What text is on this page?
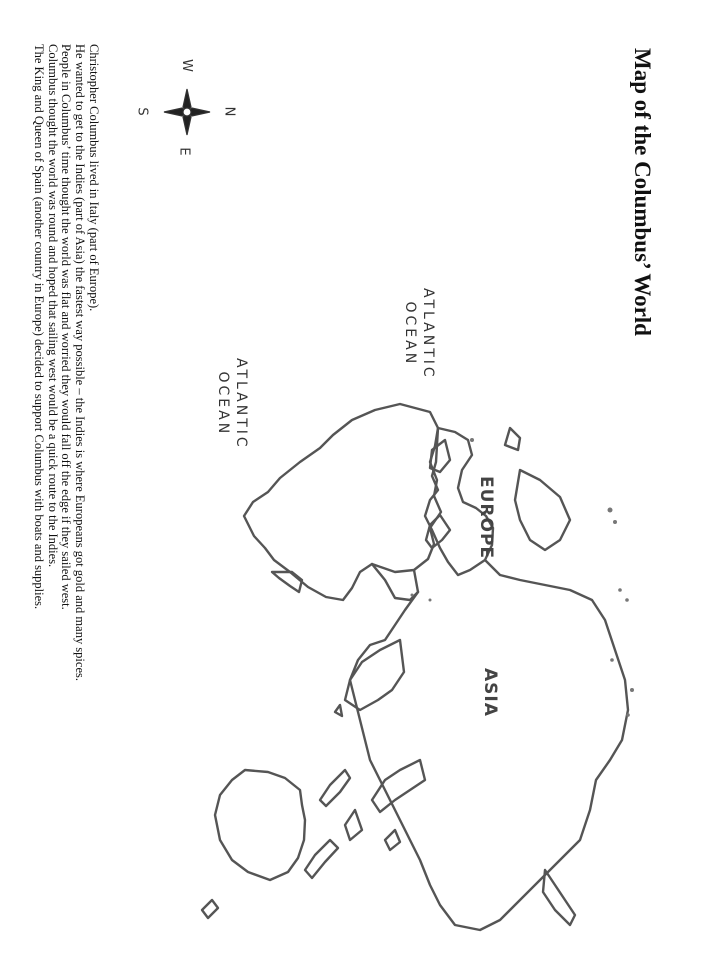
Map of the Columbus’ World
Christopher Columbus lived in Italy (part of Europe).
He wanted to get to the Indies (part of Asia) the fastest way possible – the Indies is where Europeans got gold and many spices.
People in Columbus’ time thought the world was flat and worried they would fall off the edge if they sailed west.
Columbus thought the world was round and hoped that sailing west would be a quick route to the Indies.
The King and Queen of Spain (another country in Europe) decided to support Columbus with boats and supplies.	ATLANTIC
OCEAN
ATLANTIC
OCEAN
EUROPE
ASIA
W
N
S
E
